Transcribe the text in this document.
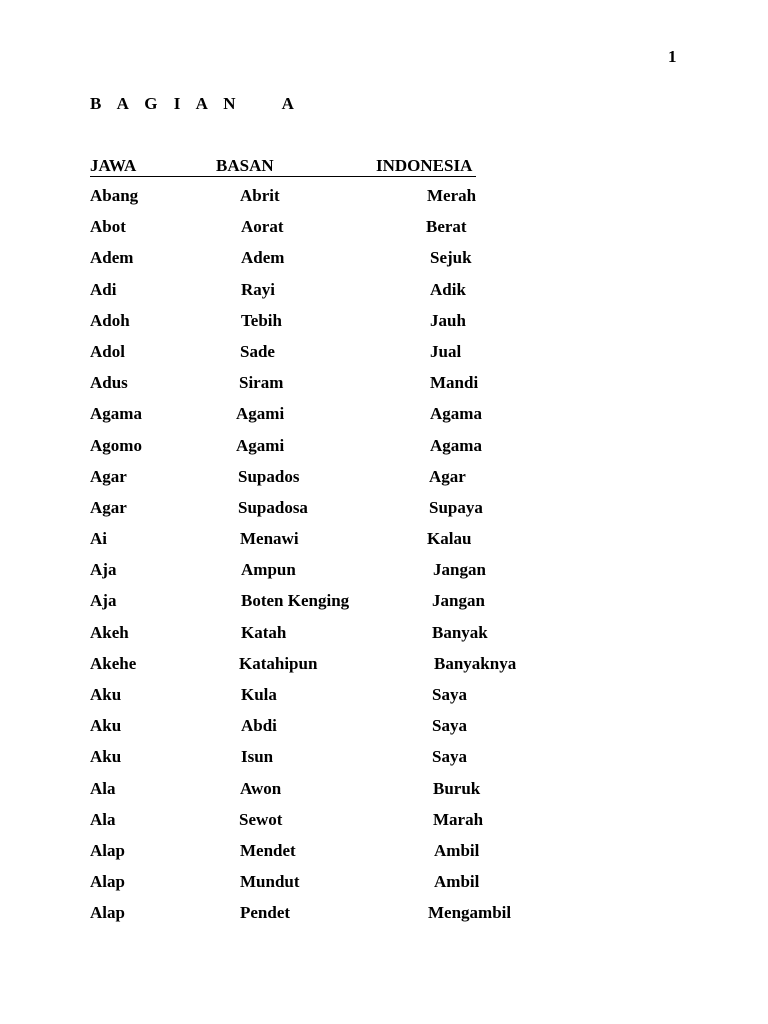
1
B A G I A N    A
JAWA	BASAN	INDONESIA
Abang	Abrit	Merah
Abot	Aorat	Berat
Adem	Adem	Sejuk
Adi	Rayi	Adik
Adoh	Tebih	Jauh
Adol	Sade	Jual
Adus	Siram	Mandi
Agama	Agami	Agama
Agomo	Agami	Agama
Agar	Supados	Agar
Agar	Supadosa	Supaya
Ai	Menawi	Kalau
Aja	Ampun	Jangan
Aja	Boten Kenging	Jangan
Akeh	Katah	Banyak
Akehe	Katahipun	Banyaknya
Aku	Kula	Saya
Aku	Abdi	Saya
Aku	Isun	Saya
Ala	Awon	Buruk
Ala	Sewot	Marah
Alap	Mendet	Ambil
Alap	Mundut	Ambil
Alap	Pendet	Mengambil
